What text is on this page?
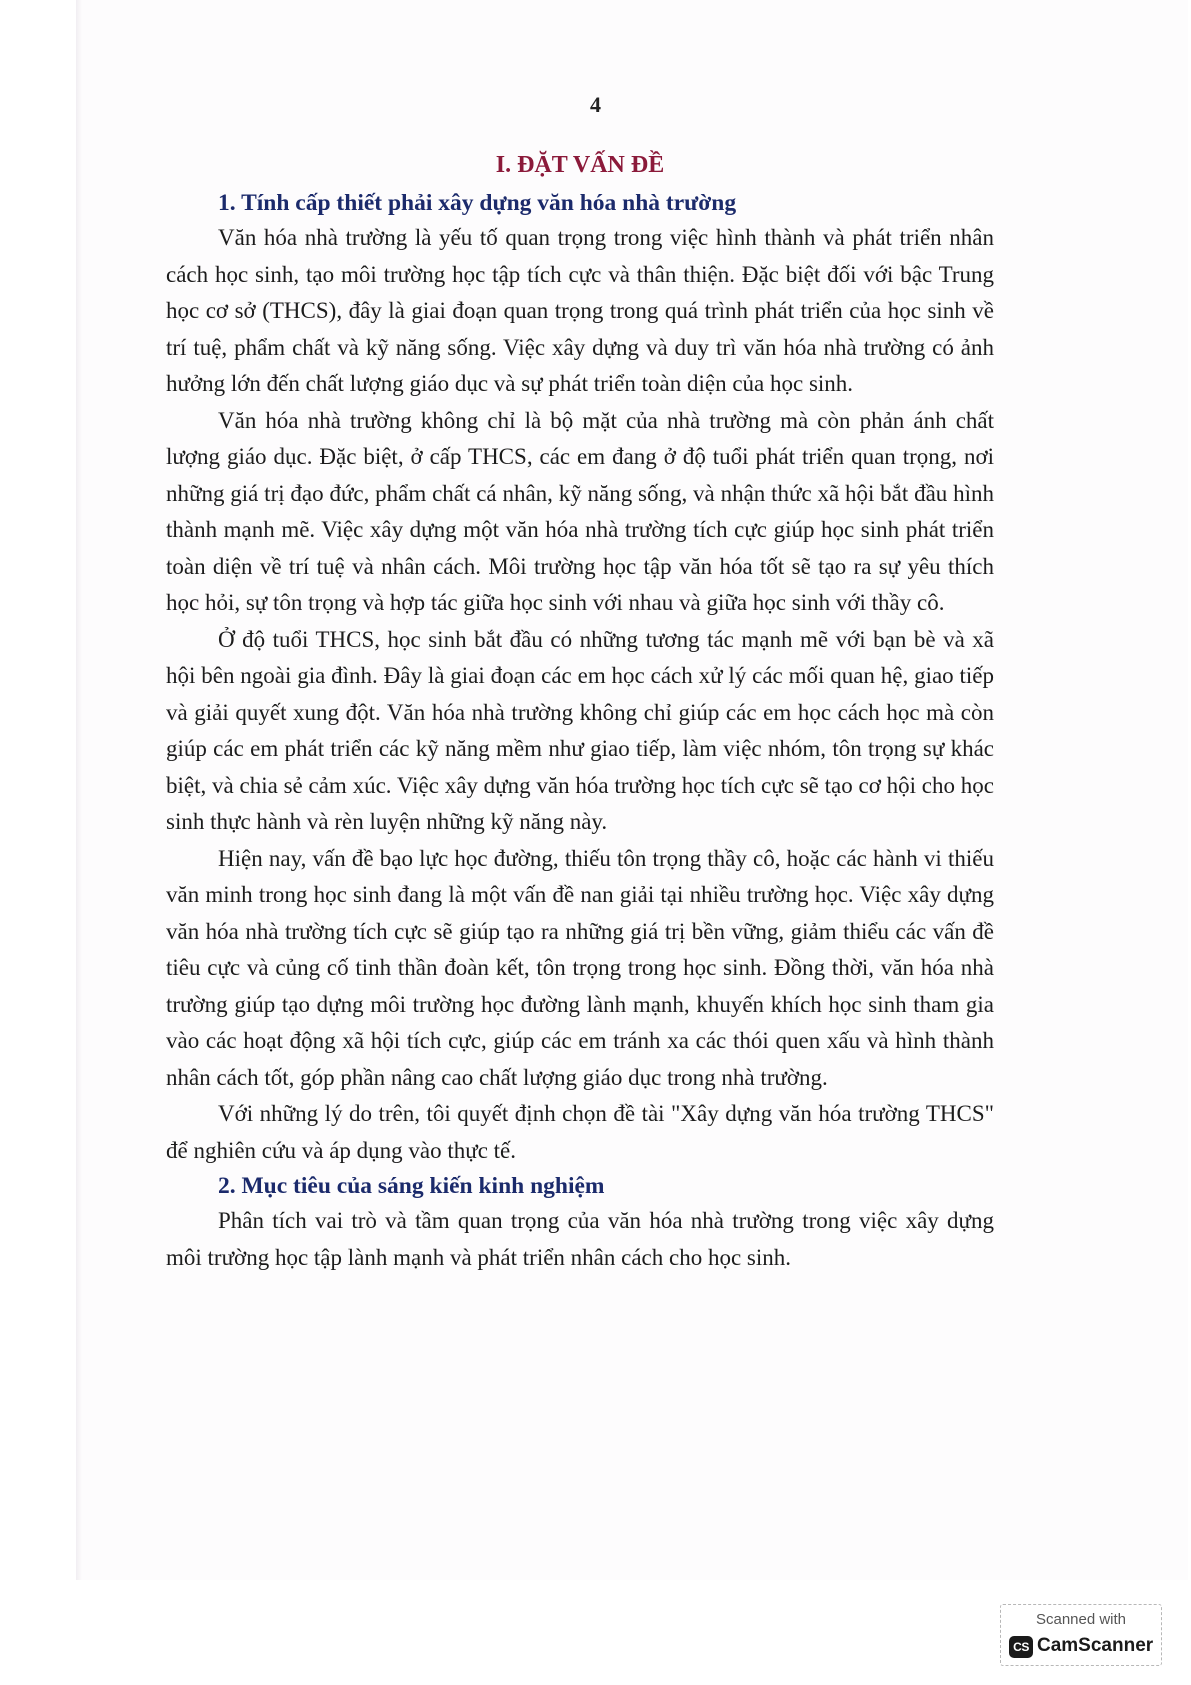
4
I. ĐẶT VẤN ĐỀ
1. Tính cấp thiết phải xây dựng văn hóa nhà trường

Văn hóa nhà trường là yếu tố quan trọng trong việc hình thành và phát triển nhân cách học sinh, tạo môi trường học tập tích cực và thân thiện. Đặc biệt đối với bậc Trung học cơ sở (THCS), đây là giai đoạn quan trọng trong quá trình phát triển của học sinh về trí tuệ, phẩm chất và kỹ năng sống. Việc xây dựng và duy trì văn hóa nhà trường có ảnh hưởng lớn đến chất lượng giáo dục và sự phát triển toàn diện của học sinh.

Văn hóa nhà trường không chỉ là bộ mặt của nhà trường mà còn phản ánh chất lượng giáo dục. Đặc biệt, ở cấp THCS, các em đang ở độ tuổi phát triển quan trọng, nơi những giá trị đạo đức, phẩm chất cá nhân, kỹ năng sống, và nhận thức xã hội bắt đầu hình thành mạnh mẽ. Việc xây dựng một văn hóa nhà trường tích cực giúp học sinh phát triển toàn diện về trí tuệ và nhân cách. Môi trường học tập văn hóa tốt sẽ tạo ra sự yêu thích học hỏi, sự tôn trọng và hợp tác giữa học sinh với nhau và giữa học sinh với thầy cô.

Ở độ tuổi THCS, học sinh bắt đầu có những tương tác mạnh mẽ với bạn bè và xã hội bên ngoài gia đình. Đây là giai đoạn các em học cách xử lý các mối quan hệ, giao tiếp và giải quyết xung đột. Văn hóa nhà trường không chỉ giúp các em học cách học mà còn giúp các em phát triển các kỹ năng mềm như giao tiếp, làm việc nhóm, tôn trọng sự khác biệt, và chia sẻ cảm xúc. Việc xây dựng văn hóa trường học tích cực sẽ tạo cơ hội cho học sinh thực hành và rèn luyện những kỹ năng này.

Hiện nay, vấn đề bạo lực học đường, thiếu tôn trọng thầy cô, hoặc các hành vi thiếu văn minh trong học sinh đang là một vấn đề nan giải tại nhiều trường học. Việc xây dựng văn hóa nhà trường tích cực sẽ giúp tạo ra những giá trị bền vững, giảm thiểu các vấn đề tiêu cực và củng cố tinh thần đoàn kết, tôn trọng trong học sinh. Đồng thời, văn hóa nhà trường giúp tạo dựng môi trường học đường lành mạnh, khuyến khích học sinh tham gia vào các hoạt động xã hội tích cực, giúp các em tránh xa các thói quen xấu và hình thành nhân cách tốt, góp phần nâng cao chất lượng giáo dục trong nhà trường.

Với những lý do trên, tôi quyết định chọn đề tài "Xây dựng văn hóa trường THCS" để nghiên cứu và áp dụng vào thực tế.

2. Mục tiêu của sáng kiến kinh nghiệm

Phân tích vai trò và tầm quan trọng của văn hóa nhà trường trong việc xây dựng môi trường học tập lành mạnh và phát triển nhân cách cho học sinh.

Scanned with
CS CamScanner
